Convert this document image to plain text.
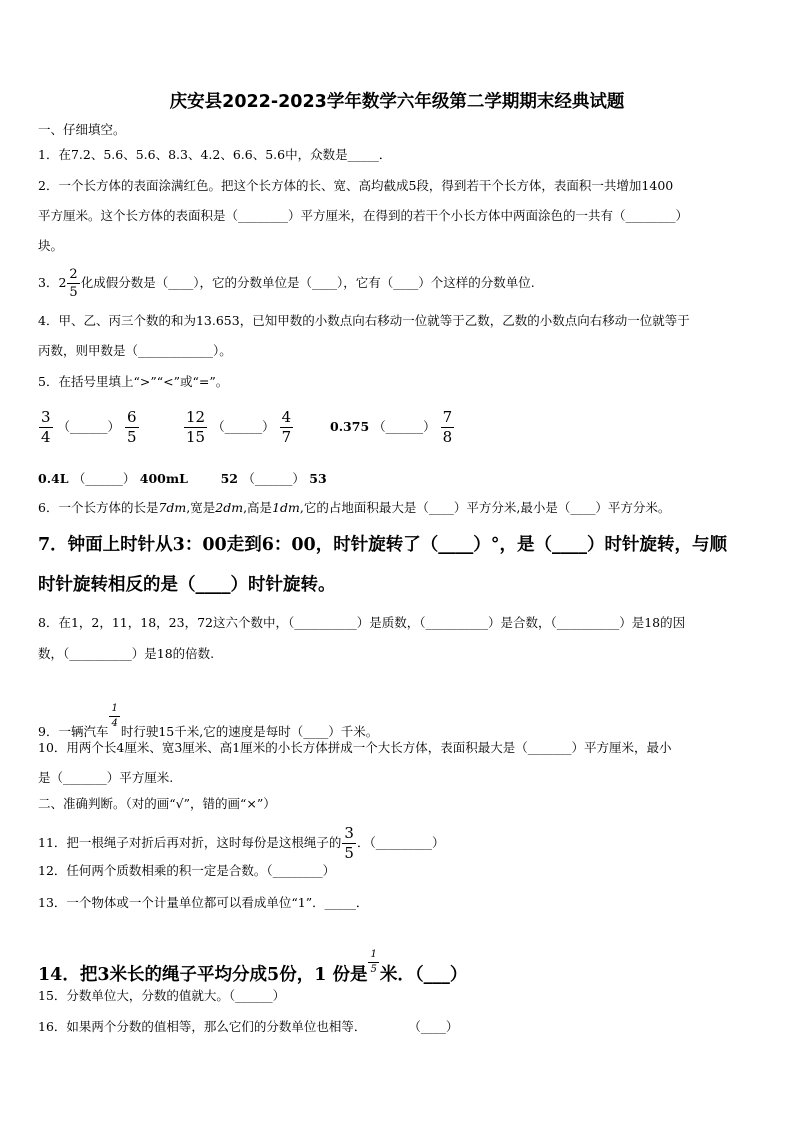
庆安县2022-2023学年数学六年级第二学期期末经典试题
一、仔细填空。
1．在7.2、5.6、5.6、8.3、4.2、6.6、5.6中，众数是_____．
2．一个长方体的表面涂满红色。把这个长方体的长、宽、高均截成5段，得到若干个长方体，表面积一共增加1400
平方厘米。这个长方体的表面积是（________）平方厘米，在得到的若干个小长方体中两面涂色的一共有（________）
块。
3．$2 \frac{2}{5}$ 化成假分数是（____），它的分数单位是（____），它有（____）个这样的分数单位.
4．甲、乙、丙三个数的和为13.653，已知甲数的小数点向右移动一位就等于乙数，乙数的小数点向右移动一位就等于
丙数，则甲数是（____________）。
5．在括号里填上“>”“<”或“=”。
$\frac{3}{4}$ （______） $\frac{6}{5}$	$\frac{12}{15}$ （______） $\frac{4}{7}$	0.375 （______） $\frac{7}{8}$
0.4L （______） 400mL	52 （______） 53
6．一个长方体的长是7dm,宽是2dm,高是1dm,它的占地面积最大是（____）平方分米,最小是（____）平方分米。
7．钟面上时针从3：00走到6：00，时针旋转了（____）°，是（____）时针旋转，与顺
时针旋转相反的是（____）时针旋转。
8．在1，2，11，18，23，72这六个数中，（__________）是质数，（__________）是合数，（__________）是18的因
数，（__________）是18的倍数.
9．一辆汽车
$\frac{1}{4}$
时行驶15千米,它的速度是每时（____）千米。
10．用两个长4厘米、宽3厘米、高1厘米的小长方体拼成一个大长方体，表面积最大是（_______）平方厘米，最小
是（_______）平方厘米.
二、准确判断。（对的画“√”，错的画“×”）
11．把一根绳子对折后再对折，这时每份是这根绳子的 $\frac{3}{5}$ ．（_________）
12．任何两个质数相乘的积一定是合数。（________）
13．一个物体或一个计量单位都可以看成单位“1”．_____．
14．把3米长的绳子平均分成5份，1 份是 $\frac{1}{5}$ 米．（___）
15．分数单位大，分数的值就大。（______）
16．如果两个分数的值相等，那么它们的分数单位也相等．	（____）
